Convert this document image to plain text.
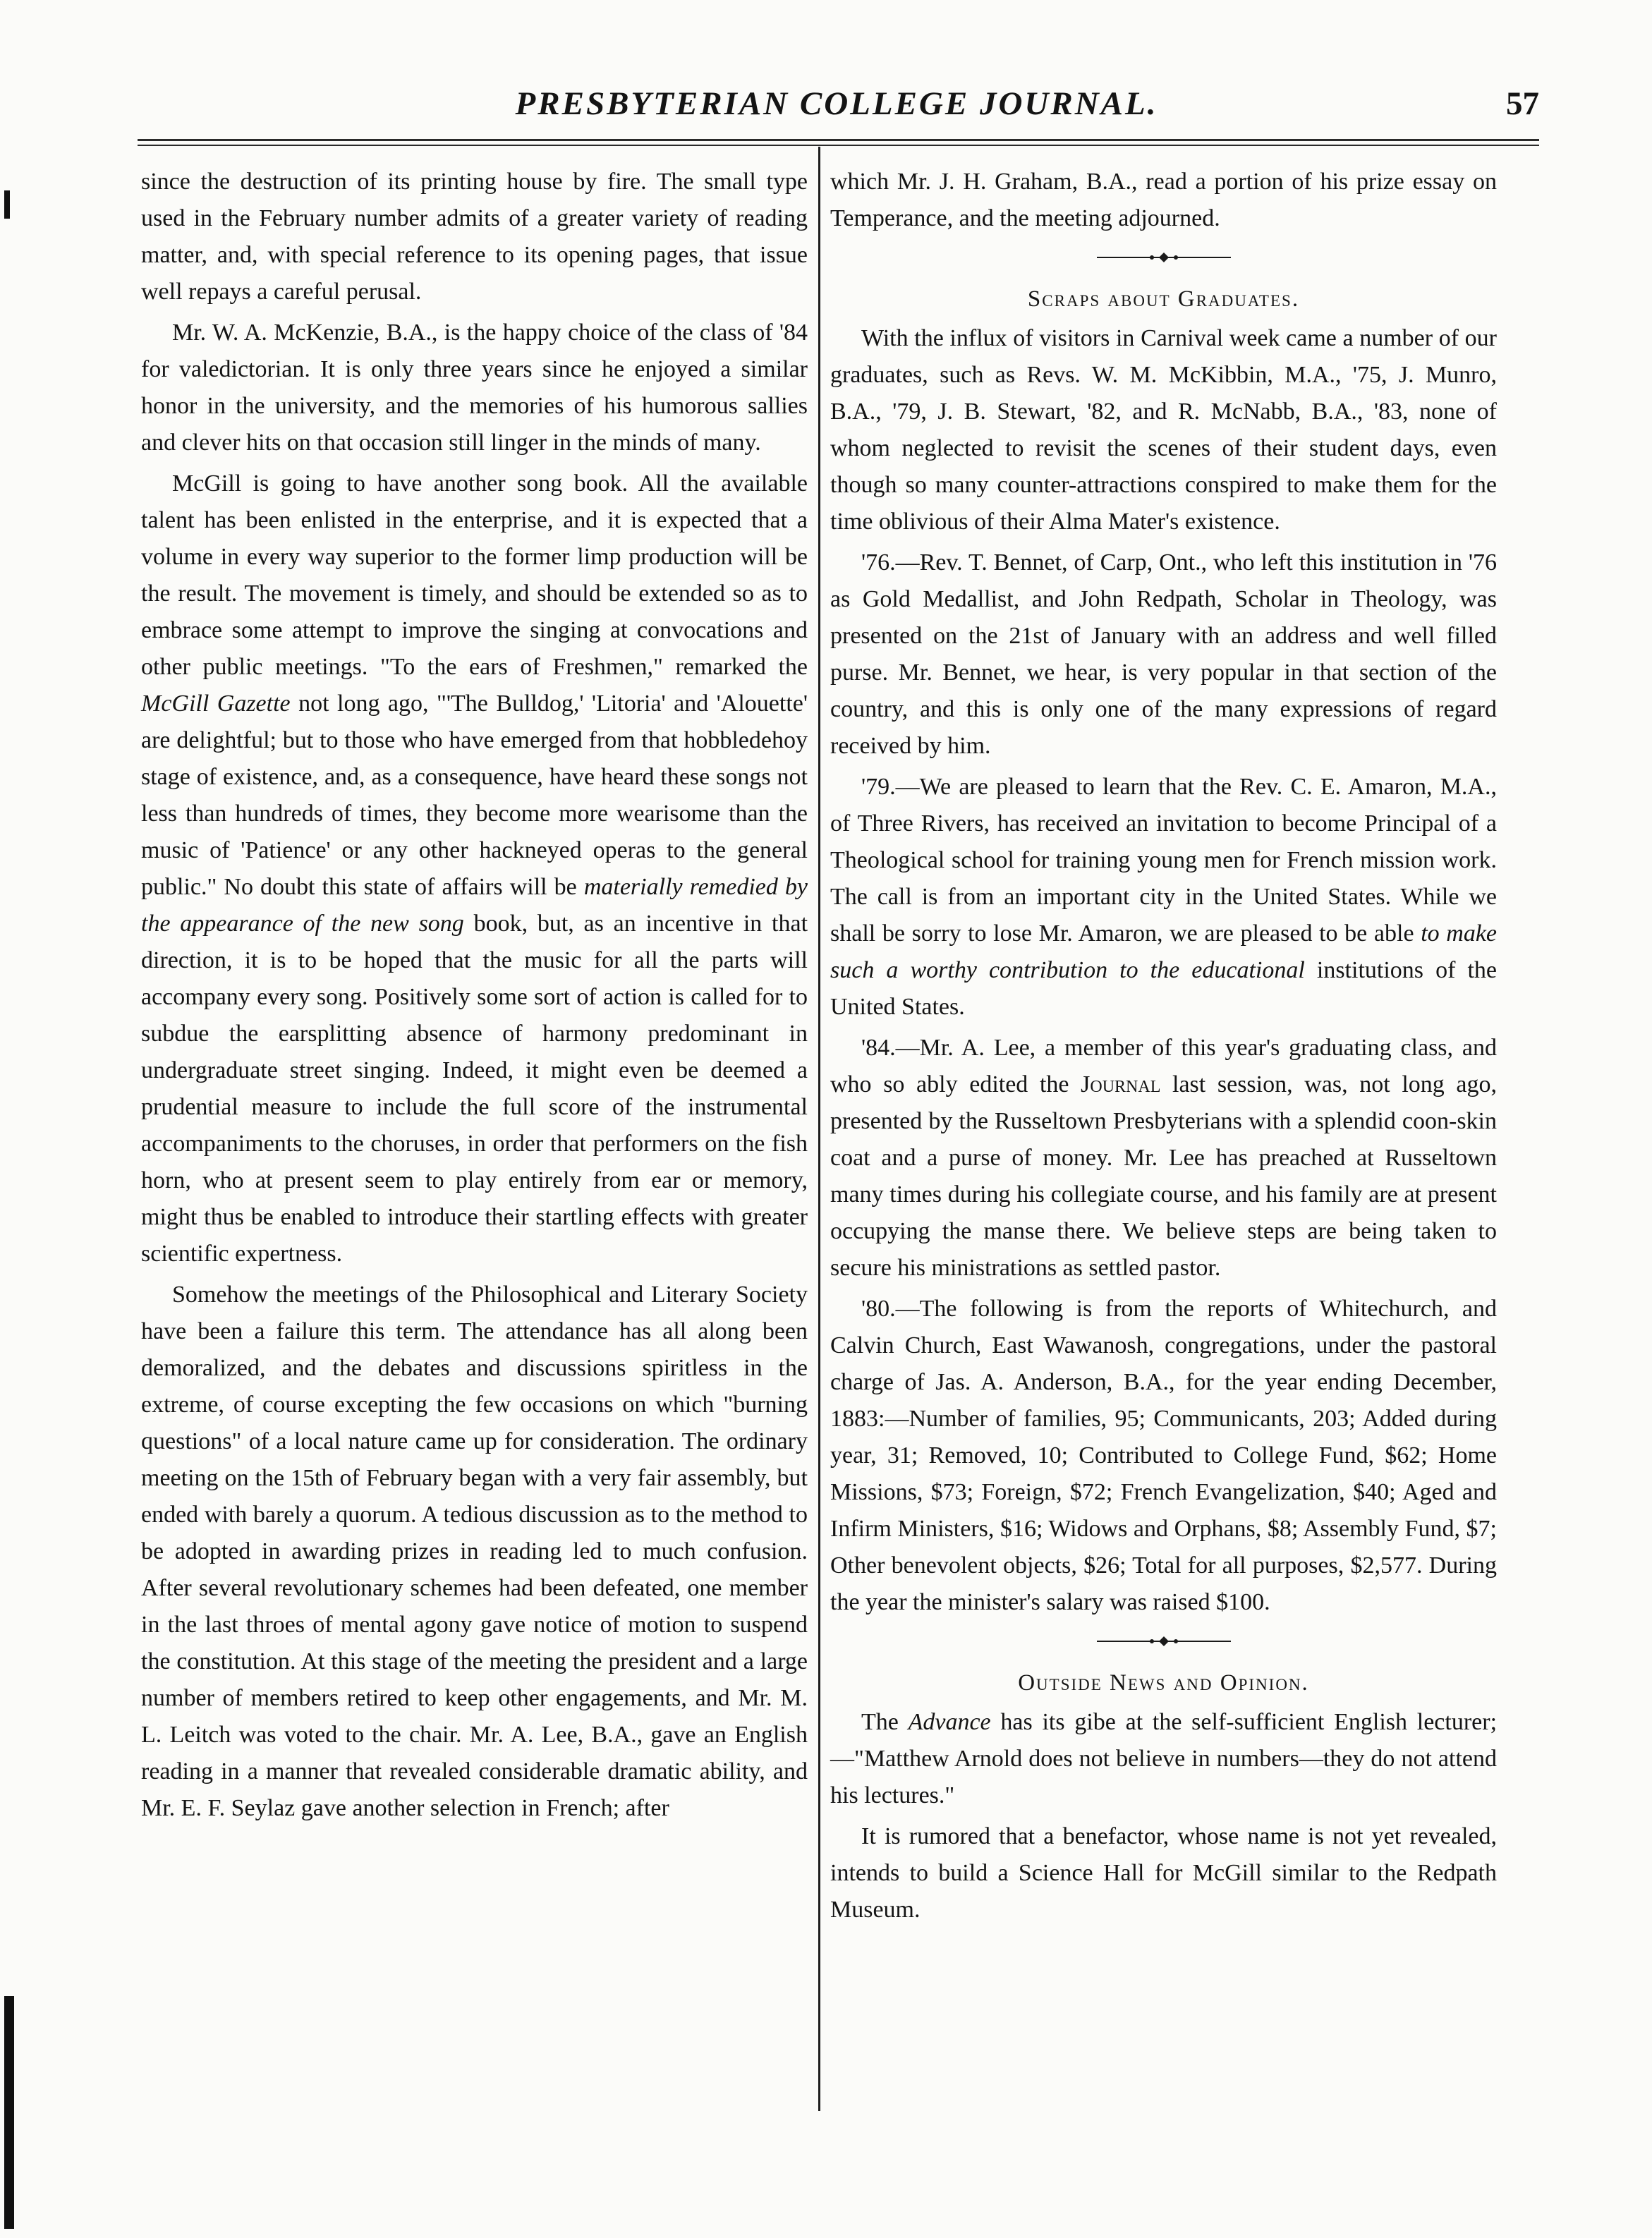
PRESBYTERIAN COLLEGE JOURNAL.	57

since the destruction of its printing house by fire. The small type used in the February number admits of a greater variety of reading matter, and, with special reference to its opening pages, that issue well repays a careful perusal.

Mr. W. A. McKenzie, B.A., is the happy choice of the class of '84 for valedictorian. It is only three years since he enjoyed a similar honor in the university, and the memories of his humorous sallies and clever hits on that occasion still linger in the minds of many.

McGill is going to have another song book. All the available talent has been enlisted in the enterprise, and it is expected that a volume in every way superior to the former limp production will be the result. The movement is timely, and should be extended so as to embrace some attempt to improve the singing at convocations and other public meetings. "To the ears of Freshmen," remarked the McGill Gazette not long ago, "'The Bulldog,' 'Litoria' and 'Alouette' are delightful; but to those who have emerged from that hobbledehoy stage of existence, and, as a consequence, have heard these songs not less than hundreds of times, they become more wearisome than the music of 'Patience' or any other hackneyed operas to the general public." No doubt this state of affairs will be materially remedied by the appearance of the new song book, but, as an incentive in that direction, it is to be hoped that the music for all the parts will accompany every song. Positively some sort of action is called for to subdue the earsplitting absence of harmony predominant in undergraduate street singing. Indeed, it might even be deemed a prudential measure to include the full score of the instrumental accompaniments to the choruses, in order that performers on the fish horn, who at present seem to play entirely from ear or memory, might thus be enabled to introduce their startling effects with greater scientific expertness.

Somehow the meetings of the Philosophical and Literary Society have been a failure this term. The attendance has all along been demoralized, and the debates and discussions spiritless in the extreme, of course excepting the few occasions on which "burning questions" of a local nature came up for consideration. The ordinary meeting on the 15th of February began with a very fair assembly, but ended with barely a quorum. A tedious discussion as to the method to be adopted in awarding prizes in reading led to much confusion. After several revolutionary schemes had been defeated, one member in the last throes of mental agony gave notice of motion to suspend the constitution. At this stage of the meeting the president and a large number of members retired to keep other engagements, and Mr. M. L. Leitch was voted to the chair. Mr. A. Lee, B.A., gave an English reading in a manner that revealed considerable dramatic ability, and Mr. E. F. Seylaz gave another selection in French; after

which Mr. J. H. Graham, B.A., read a portion of his prize essay on Temperance, and the meeting adjourned.

Scraps about Graduates.

With the influx of visitors in Carnival week came a number of our graduates, such as Revs. W. M. McKibbin, M.A., '75, J. Munro, B.A., '79, J. B. Stewart, '82, and R. McNabb, B.A., '83, none of whom neglected to revisit the scenes of their student days, even though so many counter-attractions conspired to make them for the time oblivious of their Alma Mater's existence.

'76.—Rev. T. Bennet, of Carp, Ont., who left this institution in '76 as Gold Medallist, and John Redpath, Scholar in Theology, was presented on the 21st of January with an address and well filled purse. Mr. Bennet, we hear, is very popular in that section of the country, and this is only one of the many expressions of regard received by him.

'79.—We are pleased to learn that the Rev. C. E. Amaron, M.A., of Three Rivers, has received an invitation to become Principal of a Theological school for training young men for French mission work. The call is from an important city in the United States. While we shall be sorry to lose Mr. Amaron, we are pleased to be able to make such a worthy contribution to the educational institutions of the United States.

'84.—Mr. A. Lee, a member of this year's graduating class, and who so ably edited the Journal last session, was, not long ago, presented by the Russeltown Presbyterians with a splendid coon-skin coat and a purse of money. Mr. Lee has preached at Russeltown many times during his collegiate course, and his family are at present occupying the manse there. We believe steps are being taken to secure his ministrations as settled pastor.

'80.—The following is from the reports of Whitechurch, and Calvin Church, East Wawanosh, congregations, under the pastoral charge of Jas. A. Anderson, B.A., for the year ending December, 1883:—Number of families, 95; Communicants, 203; Added during year, 31; Removed, 10; Contributed to College Fund, $62; Home Missions, $73; Foreign, $72; French Evangelization, $40; Aged and Infirm Ministers, $16; Widows and Orphans, $8; Assembly Fund, $7; Other benevolent objects, $26; Total for all purposes, $2,577. During the year the minister's salary was raised $100.

Outside News and Opinion.

The Advance has its gibe at the self-sufficient English lecturer;—"Matthew Arnold does not believe in numbers—they do not attend his lectures."

It is rumored that a benefactor, whose name is not yet revealed, intends to build a Science Hall for McGill similar to the Redpath Museum.
